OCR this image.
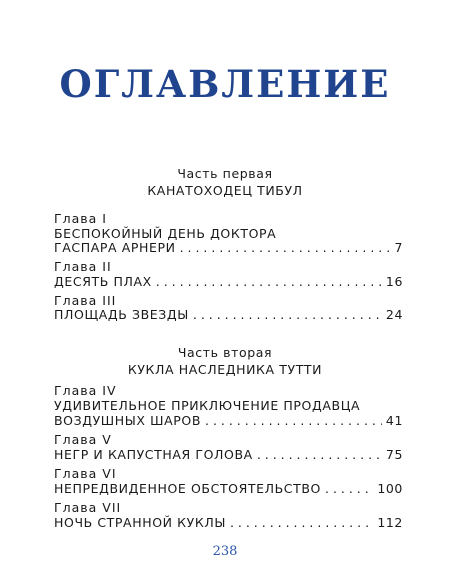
ОГЛАВЛЕНИЕ
Часть первая
КАНАТОХОДЕЦ ТИБУЛ
Глава I
БЕСПОКОЙНЫЙ ДЕНЬ ДОКТОРА
ГАСПАРА АРНЕРИ . . .	7
Глава II
ДЕСЯТЬ ПЛАХ . . .	16
Глава III
ПЛОЩАДЬ ЗВЕЗДЫ . . .	24
Часть вторая
КУКЛА НАСЛЕДНИКА ТУТТИ
Глава IV
УДИВИТЕЛЬНОЕ ПРИКЛЮЧЕНИЕ ПРОДАВЦА
ВОЗДУШНЫХ ШАРОВ . . .	41
Глава V
НЕГР И КАПУСТНАЯ ГОЛОВА . . .	75
Глава VI
НЕПРЕДВИДЕННОЕ ОБСТОЯТЕЛЬСТВО . . .	100
Глава VII
НОЧЬ СТРАННОЙ КУКЛЫ . . .	112
238
